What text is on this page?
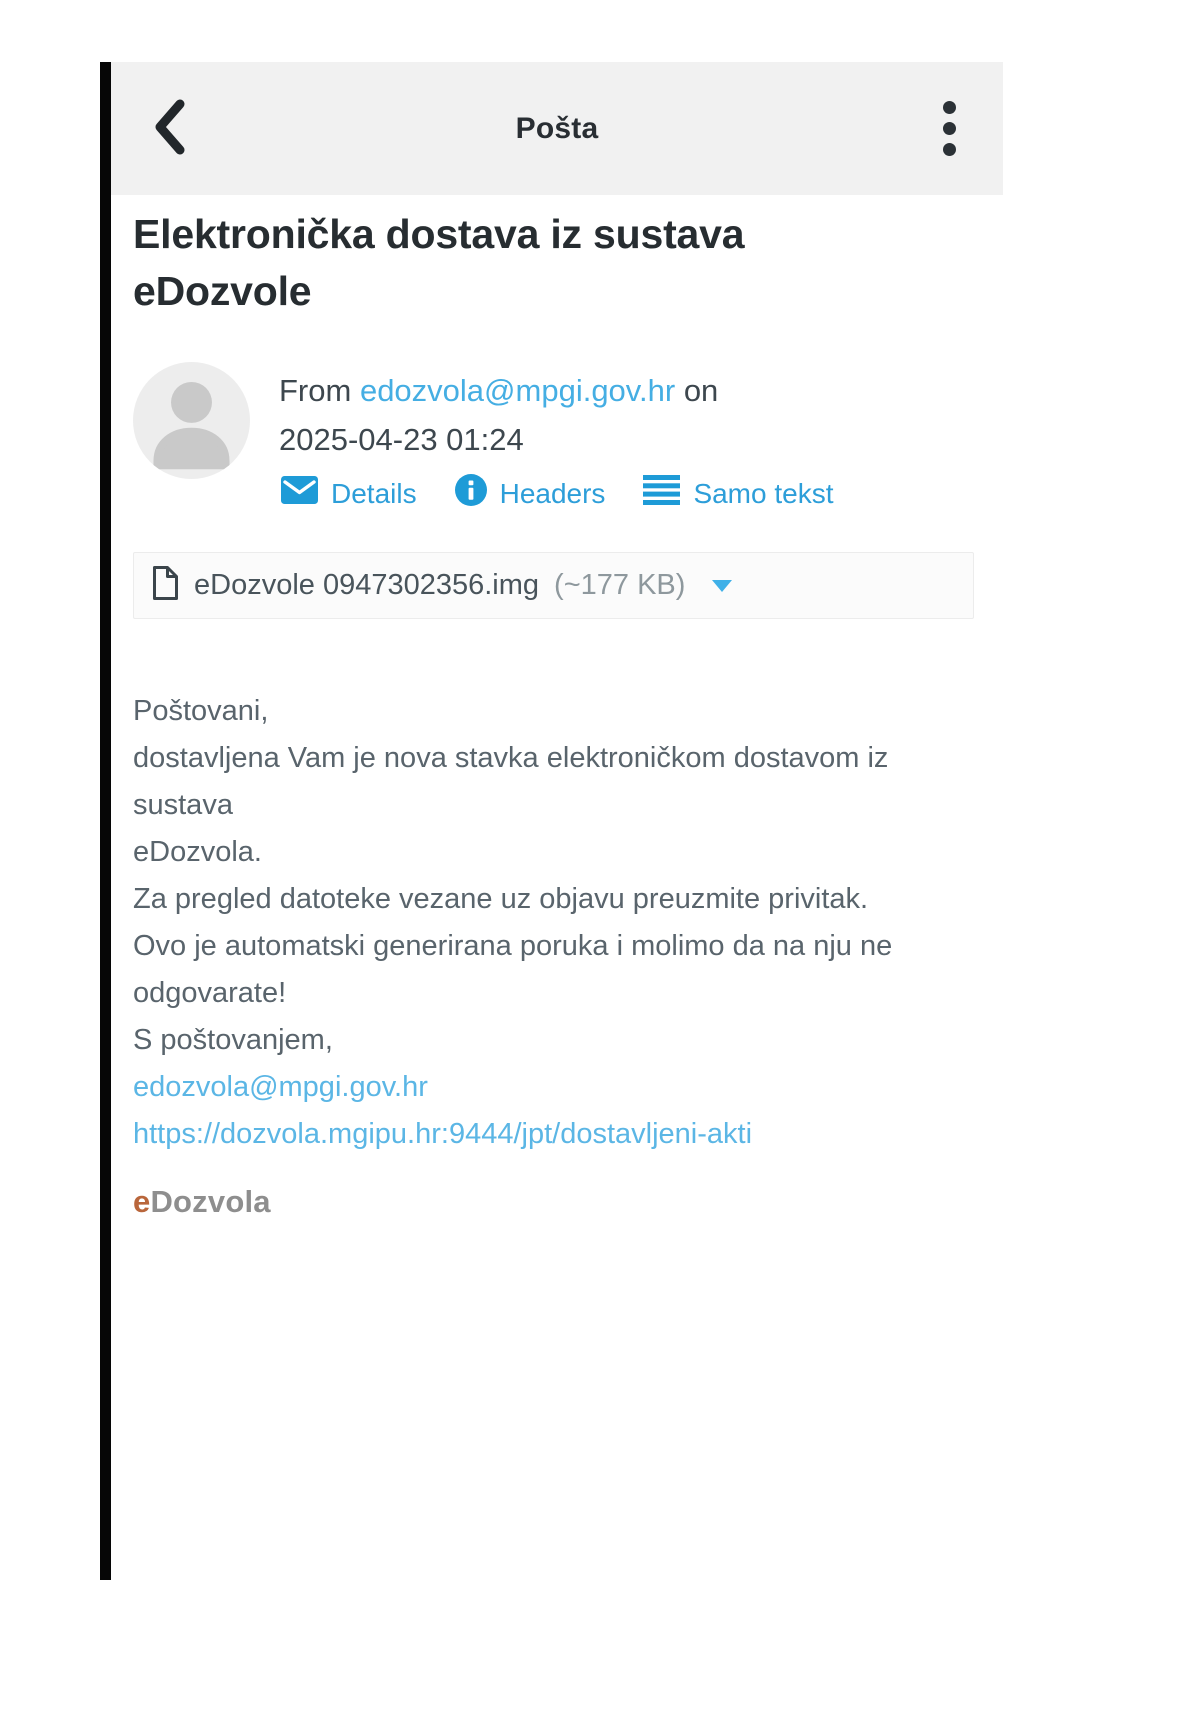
Pošta
Elektronička dostava iz sustava eDozvole
From edozvola@mpgi.gov.hr on
2025-04-23 01:24
Details	Headers	Samo tekst
eDozvole 0947302356.img (~177 KB)

Poštovani,

dostavljena Vam je nova stavka elektroničkom dostavom iz sustava

eDozvola.

Za pregled datoteke vezane uz objavu preuzmite privitak.

Ovo je automatski generirana poruka i molimo da na nju ne

odgovarate!

S poštovanjem,

edozvola@mpgi.gov.hr
https://dozvola.mgipu.hr:9444/jpt/dostavljeni-akti

eDozvola
